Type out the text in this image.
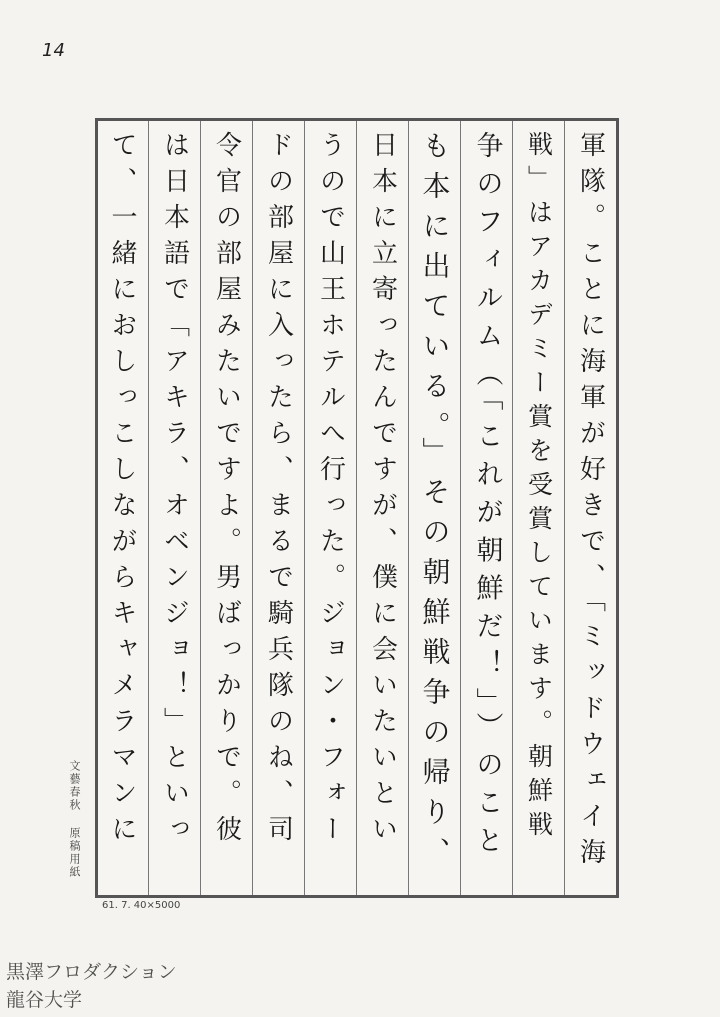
14
軍隊。ことに海軍が好きで、「ミッドウェイ海
戦」はアカデミー賞を受賞しています。朝鮮戦
争のフィルム（「これが朝鮮だ！」）のこと
も本に出ている。」その朝鮮戦争の帰り、
日本に立寄ったんですが、僕に会いたいとい
うので山王ホテルへ行った。ジョン・フォー
ドの部屋に入ったら、まるで騎兵隊のね、司
令官の部屋みたいですよ。男ばっかりで。彼
は日本語で「アキラ、オベンジョ！」といっ
て、一緒におしっこしながらキャメラマンに
文藝春秋 原稿用紙
61. 7. 40×5000
黒澤フロダクション
龍谷大学
